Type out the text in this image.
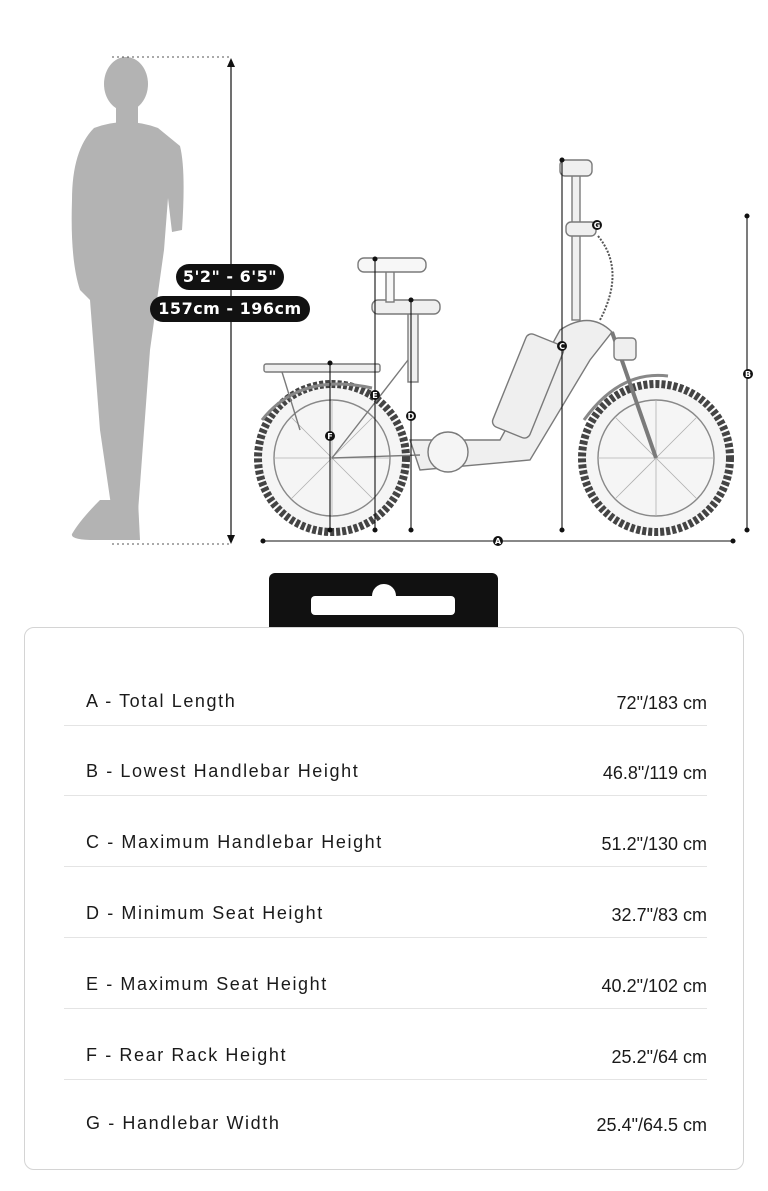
A
B
C
D
E
F
G
5'2" - 6'5"
157cm - 196cm
A - Total Length	72"/183 cm
B - Lowest Handlebar Height	46.8"/119 cm
C - Maximum Handlebar Height	51.2"/130 cm
D - Minimum Seat Height	32.7"/83 cm
E - Maximum Seat Height	40.2"/102 cm
F - Rear Rack Height	25.2"/64 cm
G - Handlebar Width	25.4"/64.5 cm
